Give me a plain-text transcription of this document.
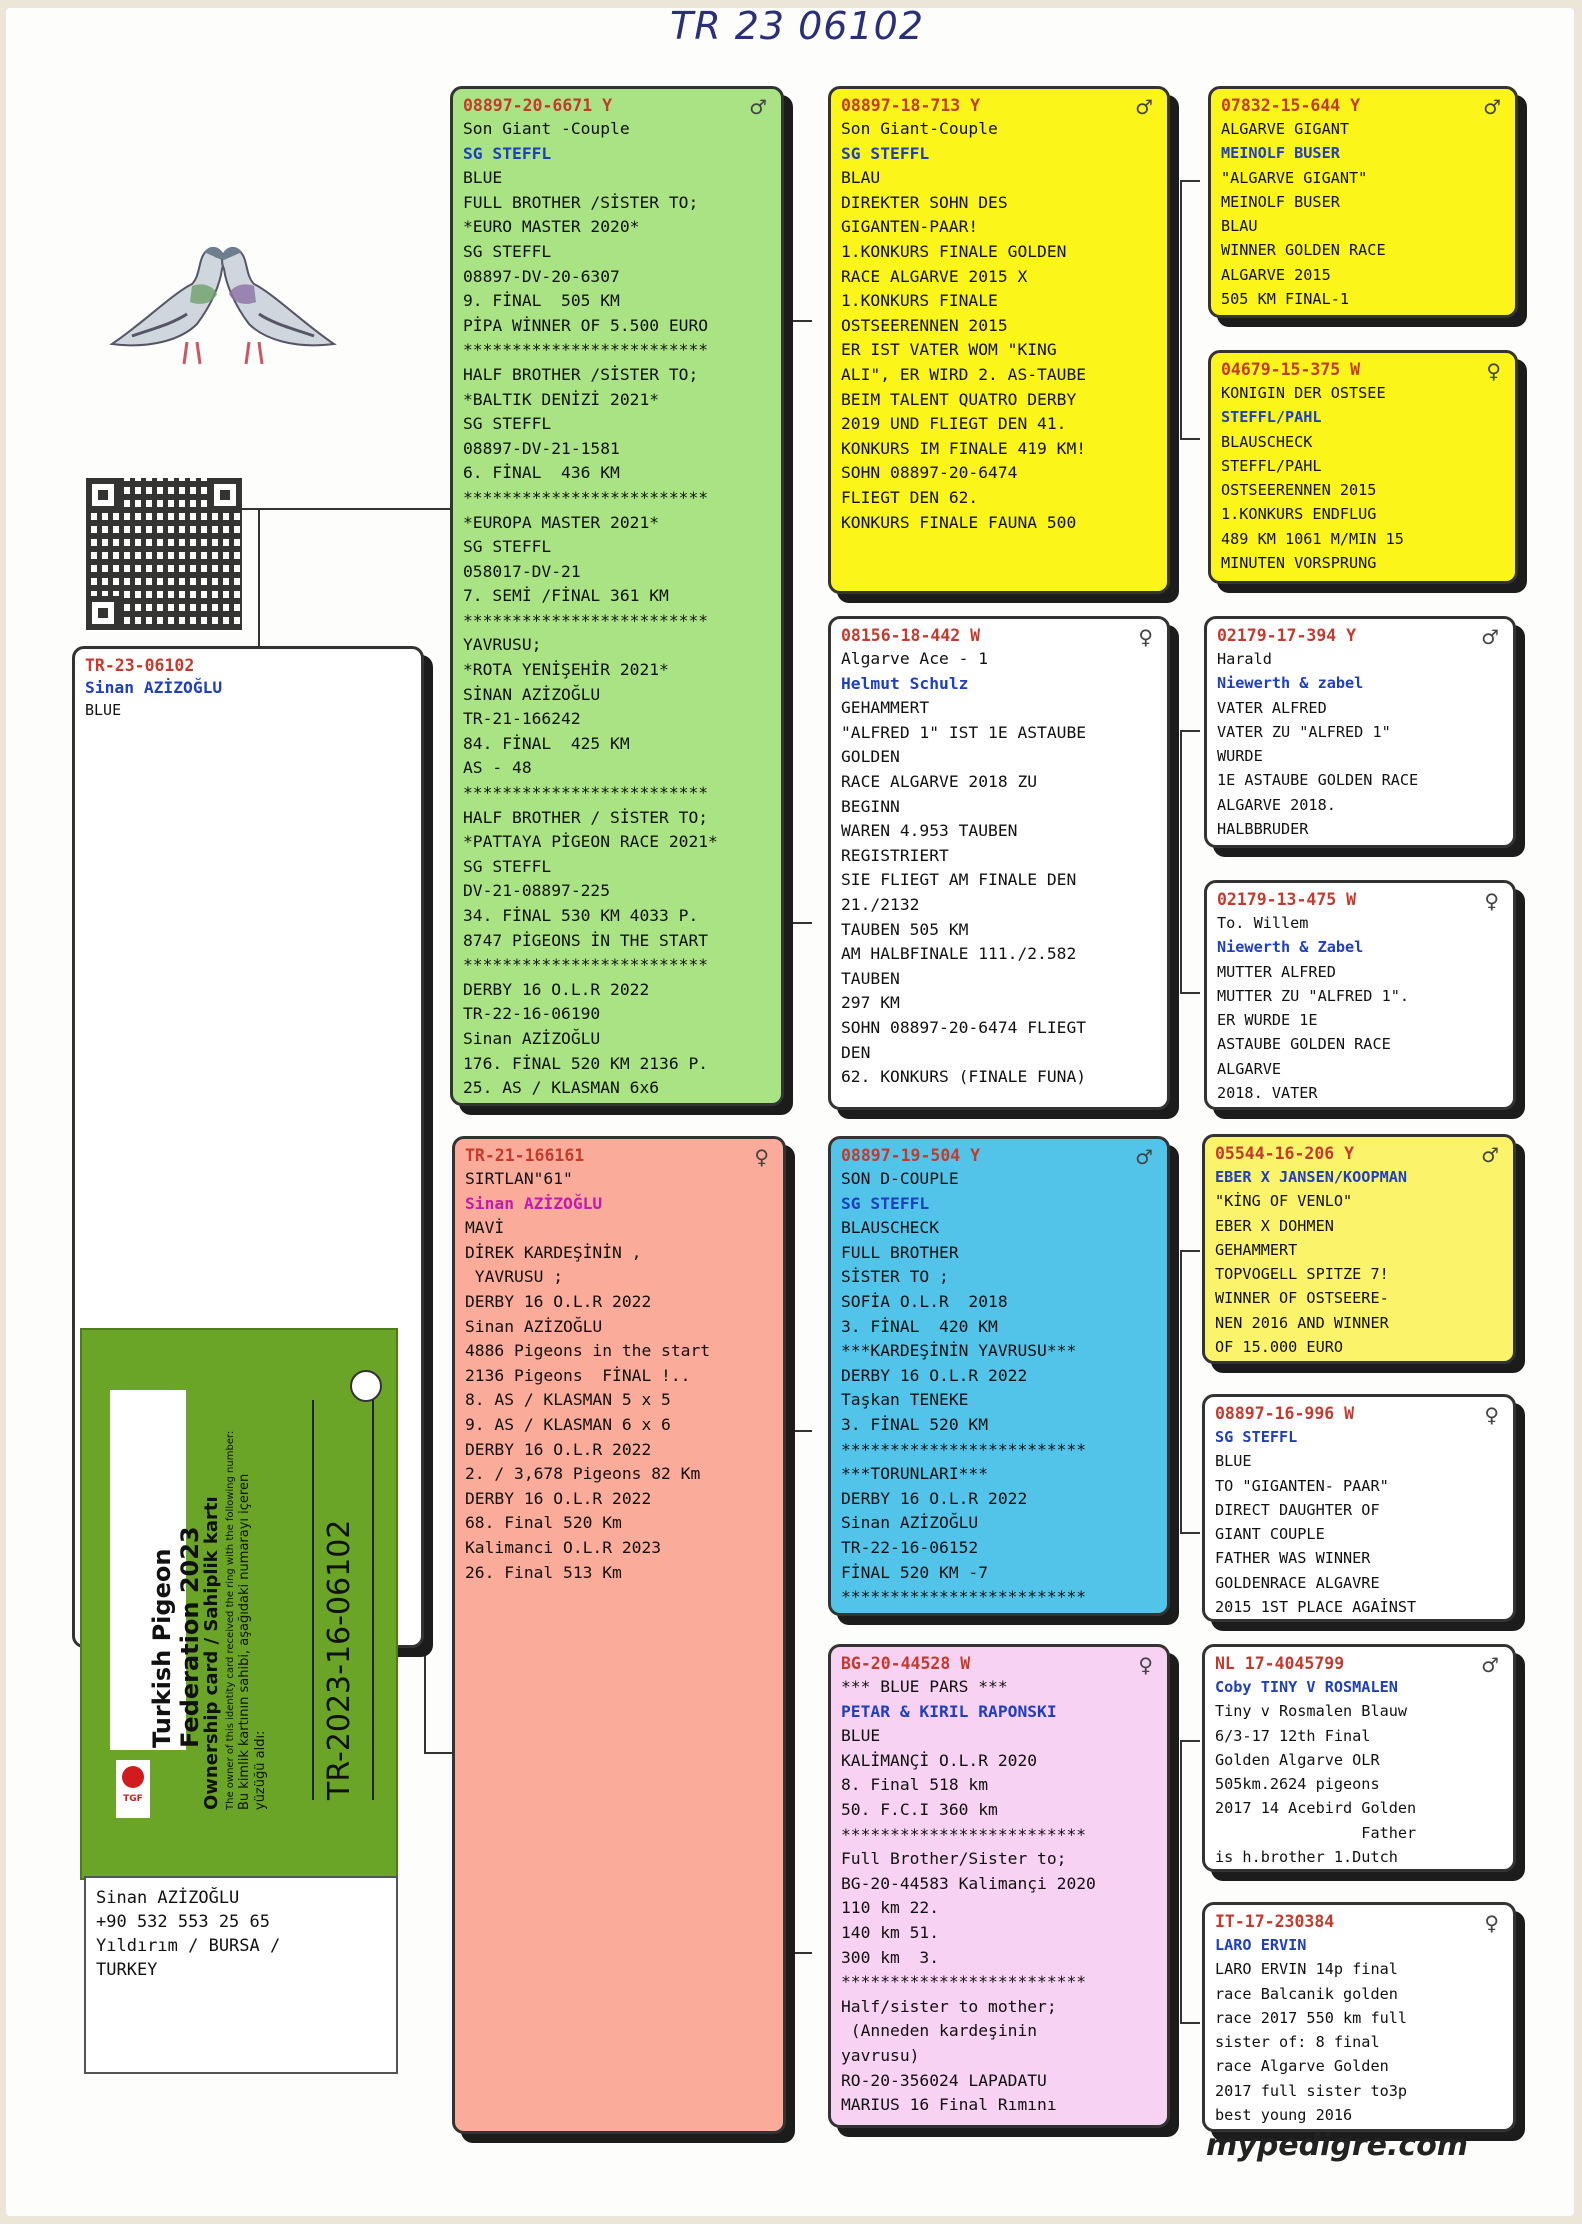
TR 23 06102
TR-23-06102
Sinan AZİZOĞLU
BLUE
TGF
Turkish Pigeon Federation 2023
Ownership card / Sahiplik kartı The owner of this identity card received the ring with the following number: Bu kimlik kartının sahibi, aşağıdaki numarayı içeren yüzüğü aldı: TR-2023-16-06102
Sinan AZİZOĞLU
+90 532 553 25 65
Yıldırım / BURSA /
TURKEY
08897-20-6671 Y	♂
Son Giant -Couple
SG STEFFL
BLUE
FULL BROTHER /SİSTER TO;
*EURO MASTER 2020*
SG STEFFL
08897-DV-20-6307
9. FİNAL  505 KM
PİPA WİNNER OF 5.500 EURO
*************************
HALF BROTHER /SİSTER TO;
*BALTIK DENİZİ 2021*
SG STEFFL
08897-DV-21-1581
6. FİNAL  436 KM
*************************
*EUROPA MASTER 2021*
SG STEFFL
058017-DV-21
7. SEMİ /FİNAL 361 KM
*************************
YAVRUSU;
*ROTA YENİŞEHİR 2021*
SİNAN AZİZOĞLU
TR-21-166242
84. FİNAL  425 KM
AS - 48
*************************
HALF BROTHER / SİSTER TO;
*PATTAYA PİGEON RACE 2021*
SG STEFFL
DV-21-08897-225
34. FİNAL 530 KM 4033 P.
8747 PİGEONS İN THE START
*************************
DERBY 16 O.L.R 2022
TR-22-16-06190
Sinan AZİZOĞLU
176. FİNAL 520 KM 2136 P.
25. AS / KLASMAN 6x6
TR-21-166161	♀
SIRTLAN"61"
Sinan AZİZOĞLU
MAVİ
DİREK KARDEŞİNİN ,
YAVRUSU ;
DERBY 16 O.L.R 2022
Sinan AZİZOĞLU
4886 Pigeons in the start
2136 Pigeons  FİNAL !..
8. AS / KLASMAN 5 x 5
9. AS / KLASMAN 6 x 6
DERBY 16 O.L.R 2022
2. / 3,678 Pigeons 82 Km
DERBY 16 O.L.R 2022
68. Final 520 Km
Kalimanci O.L.R 2023
26. Final 513 Km
08897-18-713 Y	♂
Son Giant-Couple
SG STEFFL
BLAU
DIREKTER SOHN DES
GIGANTEN-PAAR!
1.KONKURS FINALE GOLDEN
RACE ALGARVE 2015 X
1.KONKURS FINALE
OSTSEERENNEN 2015
ER IST VATER WOM "KING
ALI", ER WIRD 2. AS-TAUBE
BEIM TALENT QUATRO DERBY
2019 UND FLIEGT DEN 41.
KONKURS IM FINALE 419 KM!
SOHN 08897-20-6474
FLIEGT DEN 62.
KONKURS FINALE FAUNA 500
08156-18-442 W	♀
Algarve Ace - 1
Helmut Schulz
GEHAMMERT
"ALFRED 1" IST 1E ASTAUBE
GOLDEN
RACE ALGARVE 2018 ZU
BEGINN
WAREN 4.953 TAUBEN
REGISTRIERT
SIE FLIEGT AM FINALE DEN
21./2132
TAUBEN 505 KM
AM HALBFINALE 111./2.582
TAUBEN
297 KM
SOHN 08897-20-6474 FLIEGT
DEN
62. KONKURS (FINALE FUNA)
08897-19-504 Y	♂
SON D-COUPLE
SG STEFFL
BLAUSCHECK
FULL BROTHER
SİSTER TO ;
SOFİA O.L.R  2018
3. FİNAL  420 KM
***KARDEŞİNİN YAVRUSU***
DERBY 16 O.L.R 2022
Taşkan TENEKE
3. FİNAL 520 KM
*************************
***TORUNLARI***
DERBY 16 O.L.R 2022
Sinan AZİZOĞLU
TR-22-16-06152
FİNAL 520 KM -7
*************************
BG-20-44528 W	♀
*** BLUE PARS ***
PETAR & KIRIL RAPONSKI
BLUE
KALİMANÇİ O.L.R 2020
8. Final 518 km
50. F.C.I 360 km
*************************
Full Brother/Sister to;
BG-20-44583 Kalimançi 2020
110 km 22.
140 km 51.
300 km  3.
*************************
Half/sister to mother;
(Anneden kardeşinin
yavrusu)
RO-20-356024 LAPADATU
MARIUS 16 Final Rımını
07832-15-644 Y	♂
ALGARVE GIGANT
MEINOLF BUSER
"ALGARVE GIGANT"
MEINOLF BUSER
BLAU
WINNER GOLDEN RACE
ALGARVE 2015
505 KM FINAL-1
04679-15-375 W	♀
KONIGIN DER OSTSEE
STEFFL/PAHL
BLAUSCHECK
STEFFL/PAHL
OSTSEERENNEN 2015
1.KONKURS ENDFLUG
489 KM 1061 M/MIN 15
MINUTEN VORSPRUNG
02179-17-394 Y	♂
Harald
Niewerth & zabel
VATER ALFRED
VATER ZU "ALFRED 1"
WURDE
1E ASTAUBE GOLDEN RACE
ALGARVE 2018.
HALBBRUDER
02179-13-475 W	♀
To. Willem
Niewerth & Zabel
MUTTER ALFRED
MUTTER ZU "ALFRED 1".
ER WURDE 1E
ASTAUBE GOLDEN RACE
ALGARVE
2018. VATER
05544-16-206 Y	♂
EBER X JANSEN/KOOPMAN
"KİNG OF VENLO"
EBER X DOHMEN
GEHAMMERT
TOPVOGELL SPITZE 7!
WINNER OF OSTSEERE-
NEN 2016 AND WINNER
OF 15.000 EURO
08897-16-996 W	♀
SG STEFFL
BLUE
TO "GIGANTEN- PAAR"
DIRECT DAUGHTER OF
GIANT COUPLE
FATHER WAS WINNER
GOLDENRACE ALGAVRE
2015 1ST PLACE AGAİNST
NL 17-4045799	♂
Coby TINY V ROSMALEN
Tiny v Rosmalen Blauw
6/3-17 12th Final
Golden Algarve OLR
505km.2624 pigeons
2017 14 Acebird Golden
Father
is h.brother 1.Dutch
IT-17-230384	♀
LARO ERVIN
LARO ERVIN 14p final
race Balcanik golden
race 2017 550 km full
sister of: 8 final
race Algarve Golden
2017 full sister to3p
best young 2016
mypedigre.com
